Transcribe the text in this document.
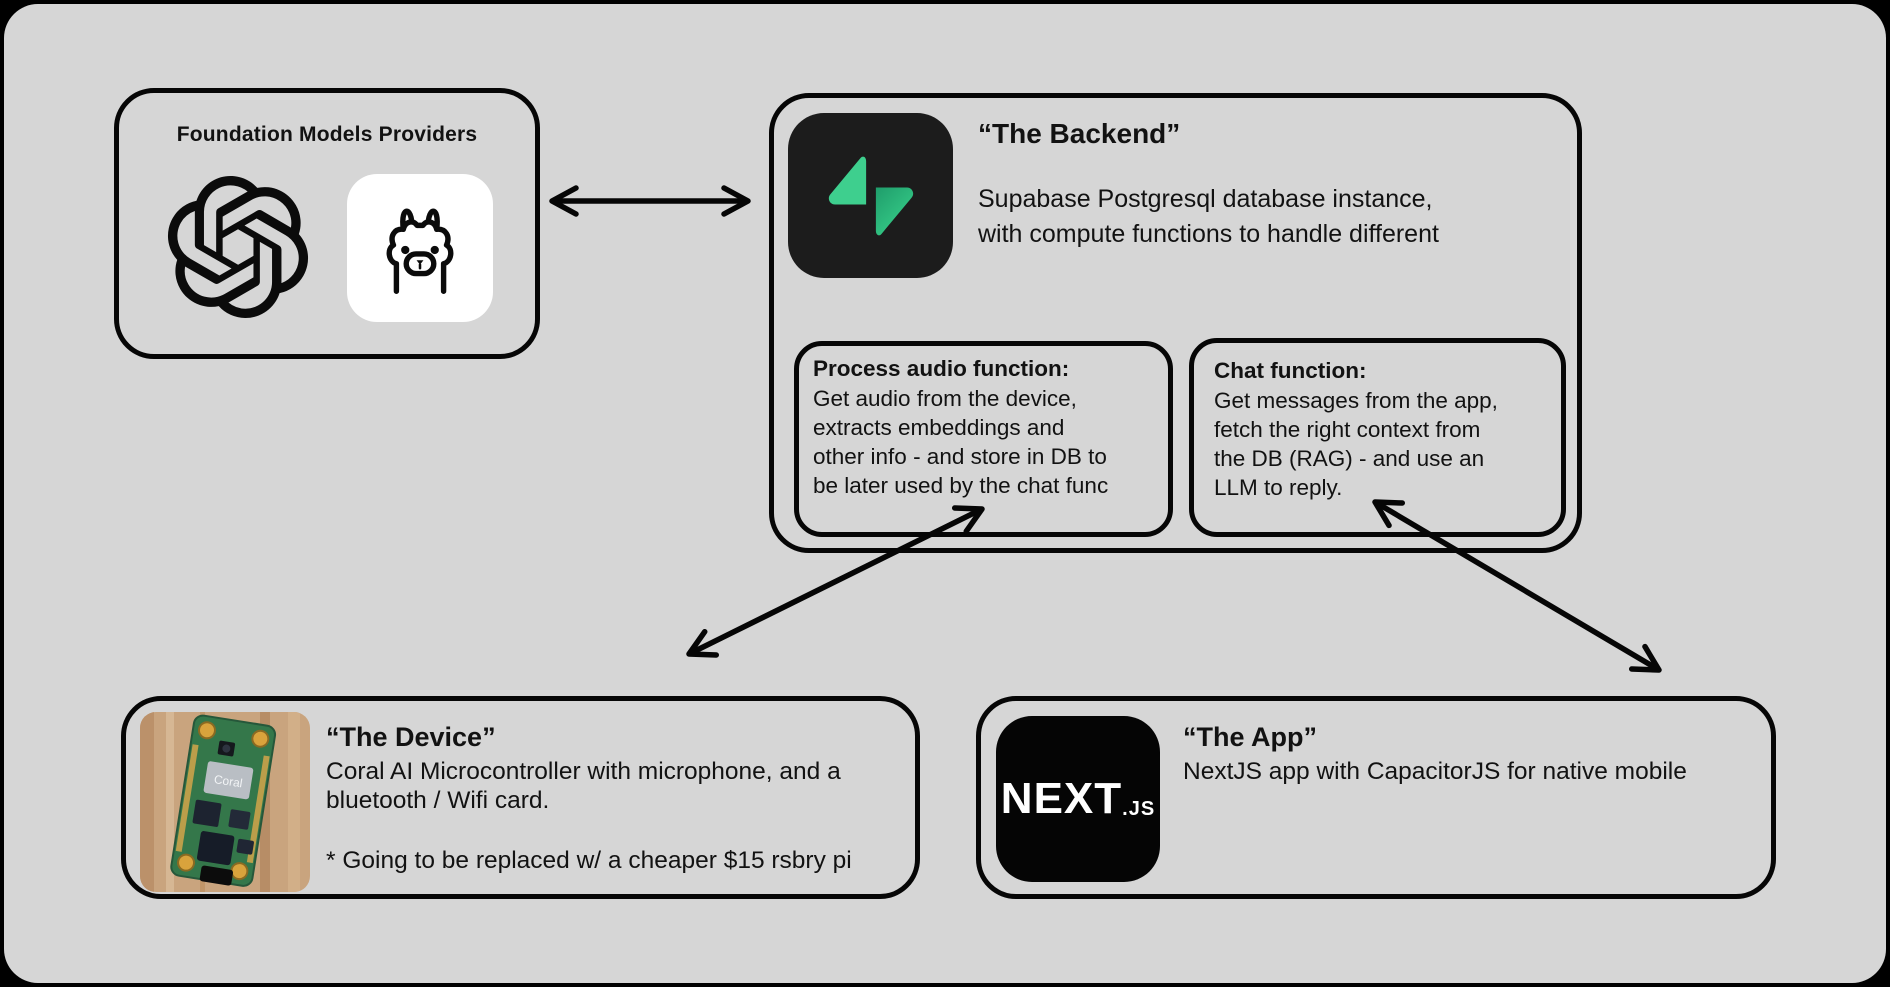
Foundation Models Providers	“The Backend”
Supabase Postgresql database instance,
with compute functions to handle different
Process audio function:
Get audio from the device,
extracts embeddings and
other info - and store in DB to
be later used by the chat func
Chat function:
Get messages from the app,
fetch the right context from
the DB (RAG) - and use an
LLM to reply.
Coral
“The Device”
Coral AI Microcontroller with microphone, and a
bluetooth / Wifi card.
* Going to be replaced w/ a cheaper $15 rsbry pi
NEXT.JS
“The App”
NextJS app with CapacitorJS for native mobile
